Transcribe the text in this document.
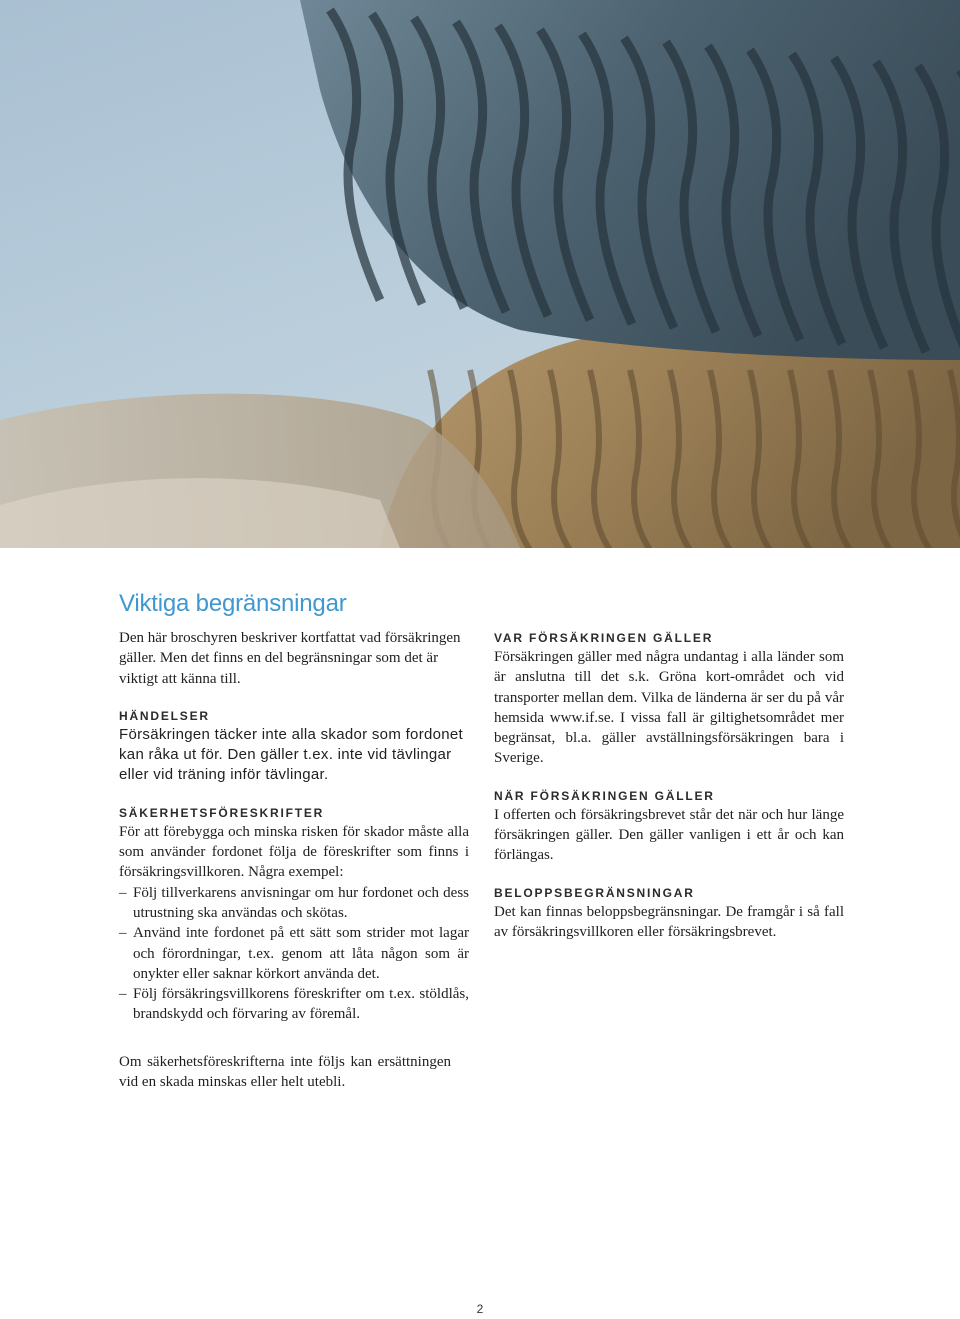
Viktiga begränsningar

Den här broschyren beskriver kortfattat vad försäkringen gäller. Men det finns en del begränsningar som det är viktigt att känna till.

HÄNDELSER

Försäkringen täcker inte alla skador som fordonet kan råka ut för. Den gäller t.ex. inte vid tävlingar eller vid träning inför tävlingar.

SÄKERHETSFÖRESKRIFTER

För att förebygga och minska risken för skador måste alla som använder fordonet följa de föreskrifter som finns i försäkringsvillkoren. Några exempel:

– Följ tillverkarens anvisningar om hur fordonet och dess utrustning ska användas och skötas.
– Använd inte fordonet på ett sätt som strider mot lagar och förordningar, t.ex. genom att låta någon som är onykter eller saknar körkort använda det.
– Följ försäkringsvillkorens föreskrifter om t.ex. stöldlås, brandskydd och förvaring av föremål.

Om säkerhetsföreskrifterna inte följs kan ersättningen vid en skada minskas eller helt utebli.

VAR FÖRSÄKRINGEN GÄLLER

Försäkringen gäller med några undantag i alla länder som är anslutna till det s.k. Gröna kort-området och vid transporter mellan dem. Vilka de länderna är ser du på vår hemsida www.if.se. I vissa fall är giltighetsområdet mer begränsat, bl.a. gäller avställningsförsäkringen bara i Sverige.

NÄR FÖRSÄKRINGEN GÄLLER

I offerten och försäkringsbrevet står det när och hur länge försäkringen gäller. Den gäller vanligen i ett år och kan förlängas.

BELOPPSBEGRÄNSNINGAR

Det kan finnas beloppsbegränsningar. De framgår i så fall av försäkringsvillkoren eller försäkringsbrevet.

2
